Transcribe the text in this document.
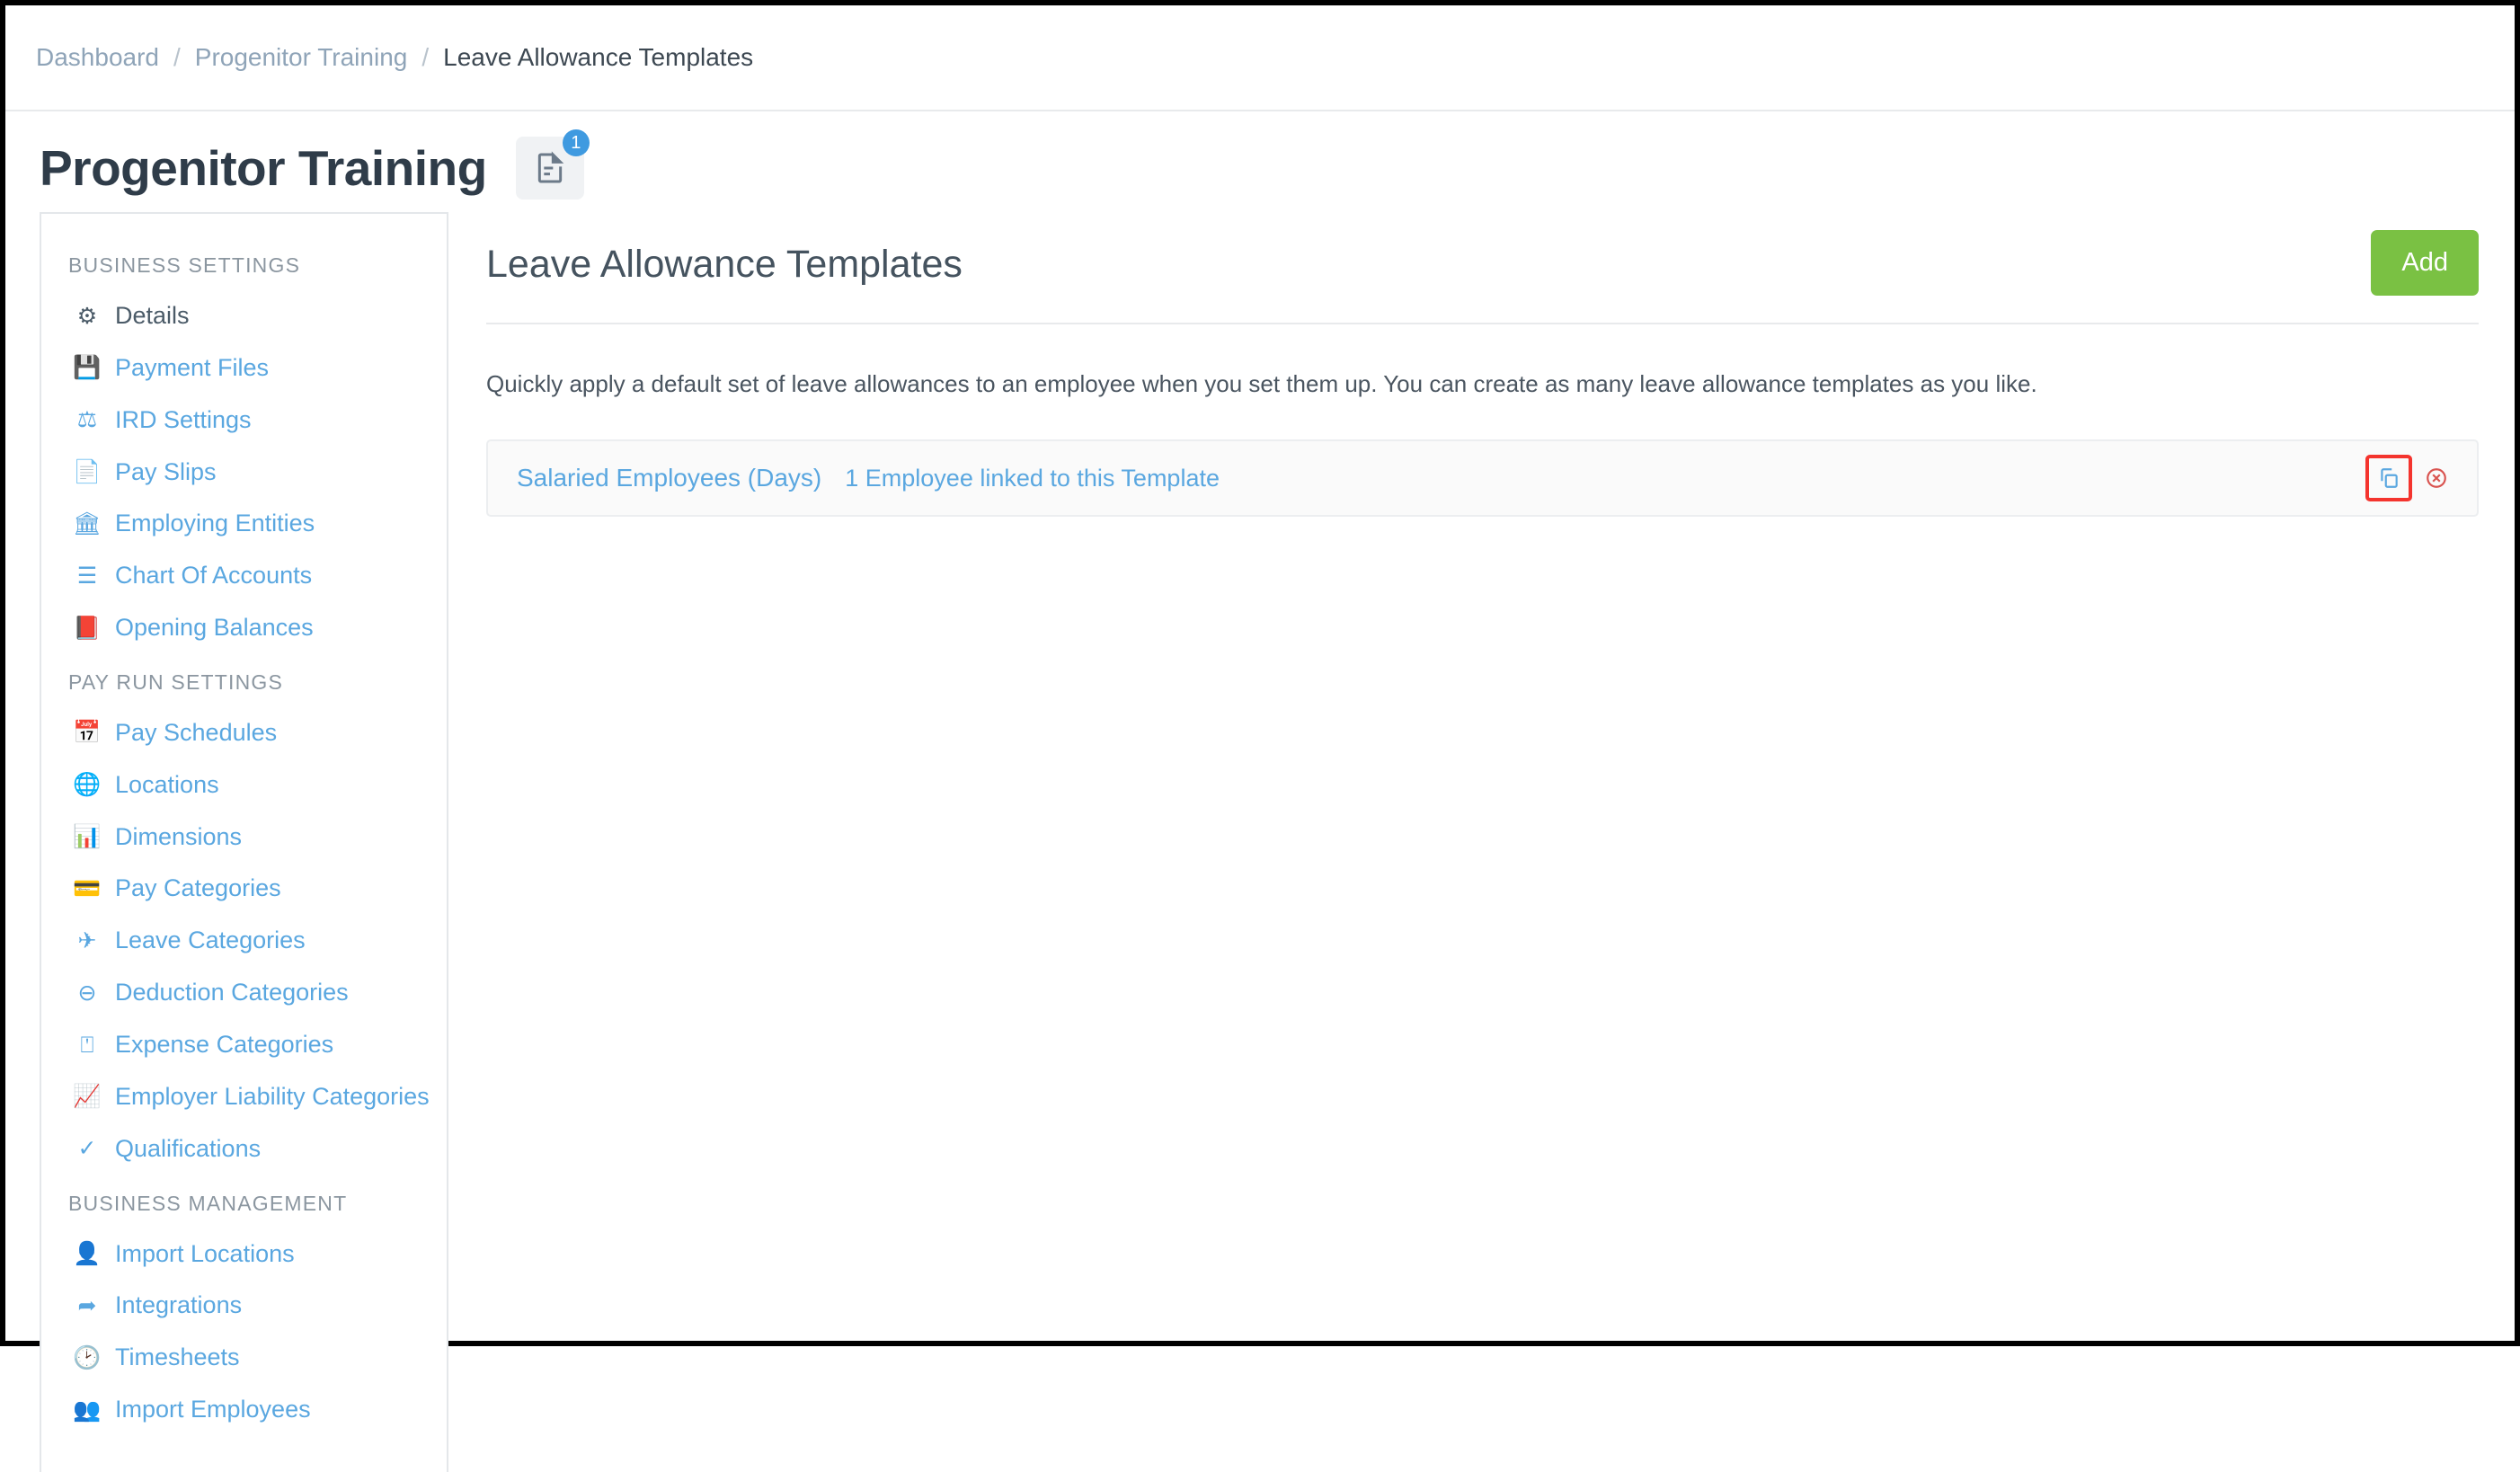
Dashboard / Progenitor Training / Leave Allowance Templates
Progenitor Training	1
BUSINESS SETTINGS
⚙ Details
💾 Payment Files
⚖ IRD Settings
📄 Pay Slips
🏛 Employing Entities
☰ Chart Of Accounts
📕 Opening Balances
PAY RUN SETTINGS
📅 Pay Schedules
🌐 Locations
📊 Dimensions
💳 Pay Categories
✈ Leave Categories
⊖ Deduction Categories
⍞ Expense Categories
📈 Employer Liability Categories
✓ Qualifications
BUSINESS MANAGEMENT
👤 Import Locations
➦ Integrations
🕑 Timesheets
👥 Import Employees
Leave Allowance Templates	Add
Quickly apply a default set of leave allowances to an employee when you set them up. You can create as many leave allowance templates as you like.
Salaried Employees (Days) 1 Employee linked to this Template
